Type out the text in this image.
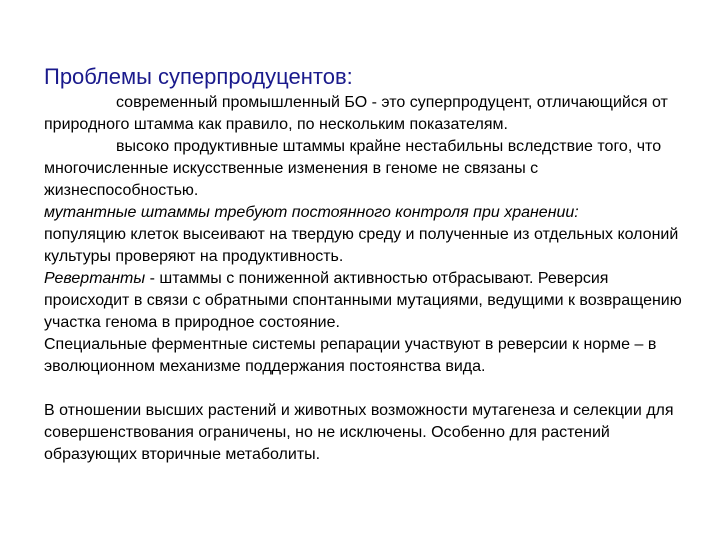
Проблемы суперпродуцентов:

современный промышленный БО - это суперпродуцент, отличающийся от природного штамма как правило, по нескольким показателям.

высоко продуктивные штаммы крайне нестабильны вследствие того, что многочисленные искусственные изменения в геноме не связаны с жизнеспособностью.

мутантные штаммы требуют постоянного контроля при хранении:

популяцию клеток высеивают на твердую среду и полученные из отдельных колоний культуры проверяют на продуктивность.

Ревертанты - штаммы с пониженной активностью отбрасывают. Реверсия происходит в связи с обратными спонтанными мутациями, ведущими к возвращению участка генома в природное состояние.

Специальные ферментные системы репарации участвуют в реверсии к норме – в эволюционном механизме поддержания постоянства вида.

В отношении высших растений и животных возможности мутагенеза и селекции для совершенствования ограничены, но не исключены. Особенно для растений образующих вторичные метаболиты.
